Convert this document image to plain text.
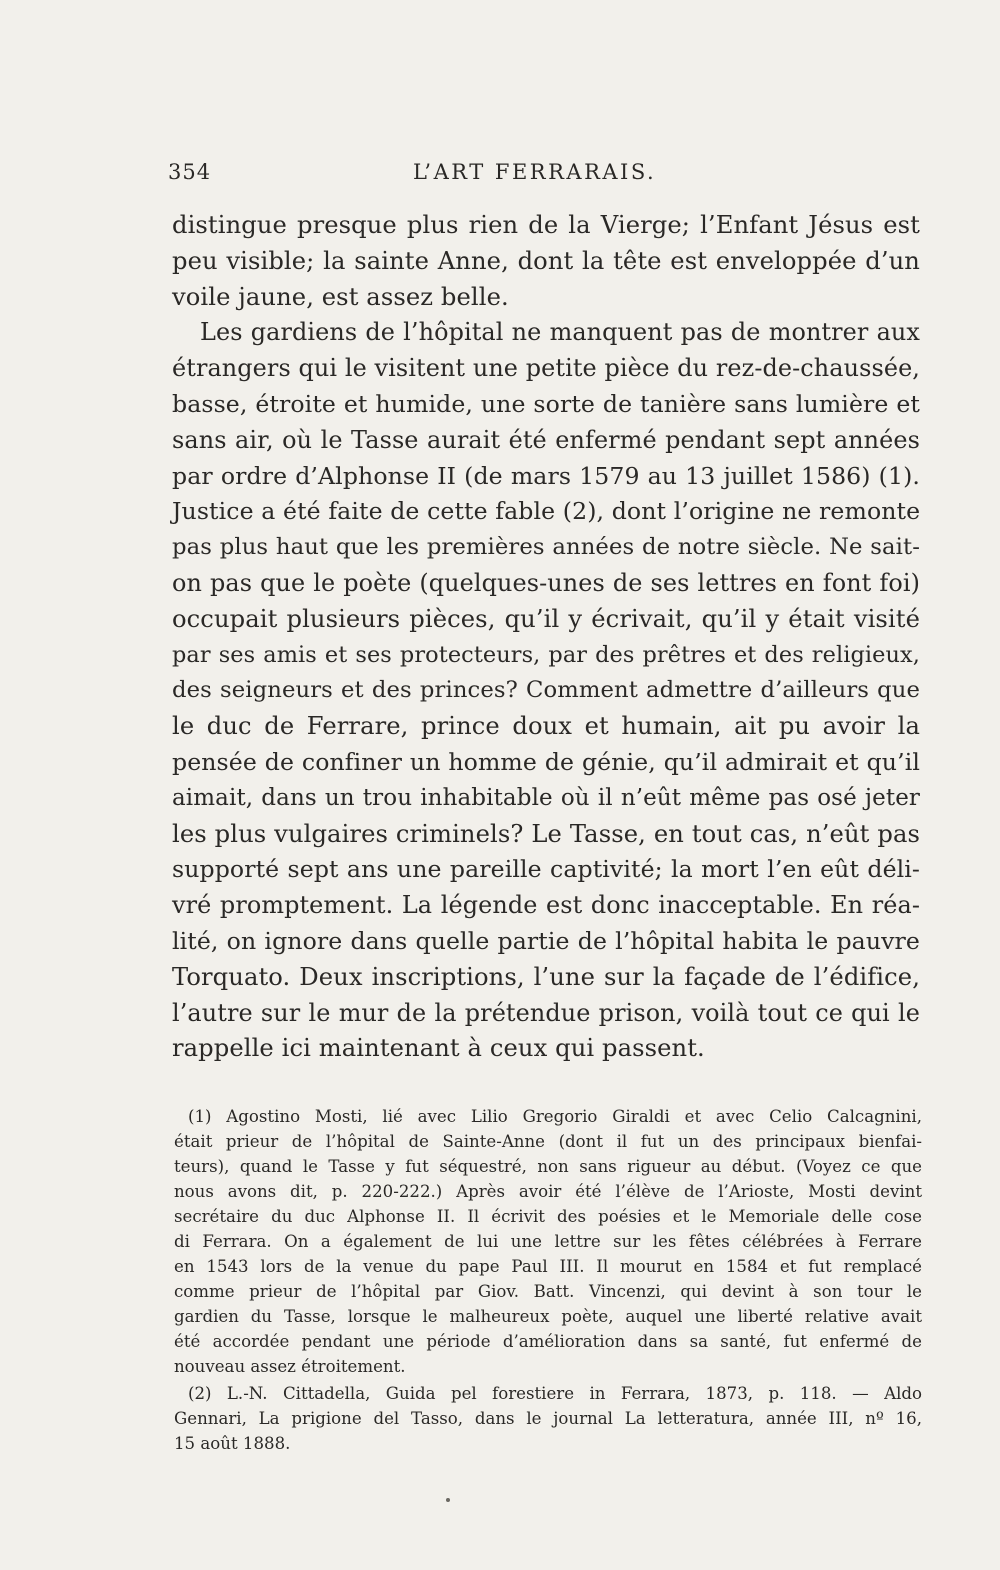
354	L’ART FERRARAIS.
distingue presque plus rien de la Vierge; l’Enfant Jésus est
peu visible; la sainte Anne, dont la tête est enveloppée d’un
voile jaune, est assez belle.
Les gardiens de l’hôpital ne manquent pas de montrer aux
étrangers qui le visitent une petite pièce du rez-de-chaussée,
basse, étroite et humide, une sorte de tanière sans lumière et
sans air, où le Tasse aurait été enfermé pendant sept années
par ordre d’Alphonse II (de mars 1579 au 13 juillet 1586) (1).
Justice a été faite de cette fable (2), dont l’origine ne remonte
pas plus haut que les premières années de notre siècle. Ne sait-
on pas que le poète (quelques-unes de ses lettres en font foi)
occupait plusieurs pièces, qu’il y écrivait, qu’il y était visité
par ses amis et ses protecteurs, par des prêtres et des religieux,
des seigneurs et des princes? Comment admettre d’ailleurs que
le duc de Ferrare, prince doux et humain, ait pu avoir la
pensée de confiner un homme de génie, qu’il admirait et qu’il
aimait, dans un trou inhabitable où il n’eût même pas osé jeter
les plus vulgaires criminels? Le Tasse, en tout cas, n’eût pas
supporté sept ans une pareille captivité; la mort l’en eût déli-
vré promptement. La légende est donc inacceptable. En réa-
lité, on ignore dans quelle partie de l’hôpital habita le pauvre
Torquato. Deux inscriptions, l’une sur la façade de l’édifice,
l’autre sur le mur de la prétendue prison, voilà tout ce qui le
rappelle ici maintenant à ceux qui passent.
(1) Agostino Mosti, lié avec Lilio Gregorio Giraldi et avec Celio Calcagnini,
était prieur de l’hôpital de Sainte-Anne (dont il fut un des principaux bienfai-
teurs), quand le Tasse y fut séquestré, non sans rigueur au début. (Voyez ce que
nous avons dit, p. 220-222.) Après avoir été l’élève de l’Arioste, Mosti devint
secrétaire du duc Alphonse II. Il écrivit des poésies et le Memoriale delle cose
di Ferrara. On a également de lui une lettre sur les fêtes célébrées à Ferrare
en 1543 lors de la venue du pape Paul III. Il mourut en 1584 et fut remplacé
comme prieur de l’hôpital par Giov. Batt. Vincenzi, qui devint à son tour le
gardien du Tasse, lorsque le malheureux poète, auquel une liberté relative avait
été accordée pendant une période d’amélioration dans sa santé, fut enfermé de
nouveau assez étroitement.
(2) L.-N. Cittadella, Guida pel forestiere in Ferrara, 1873, p. 118. — Aldo
Gennari, La prigione del Tasso, dans le journal La letteratura, année III, nº 16,
15 août 1888.
